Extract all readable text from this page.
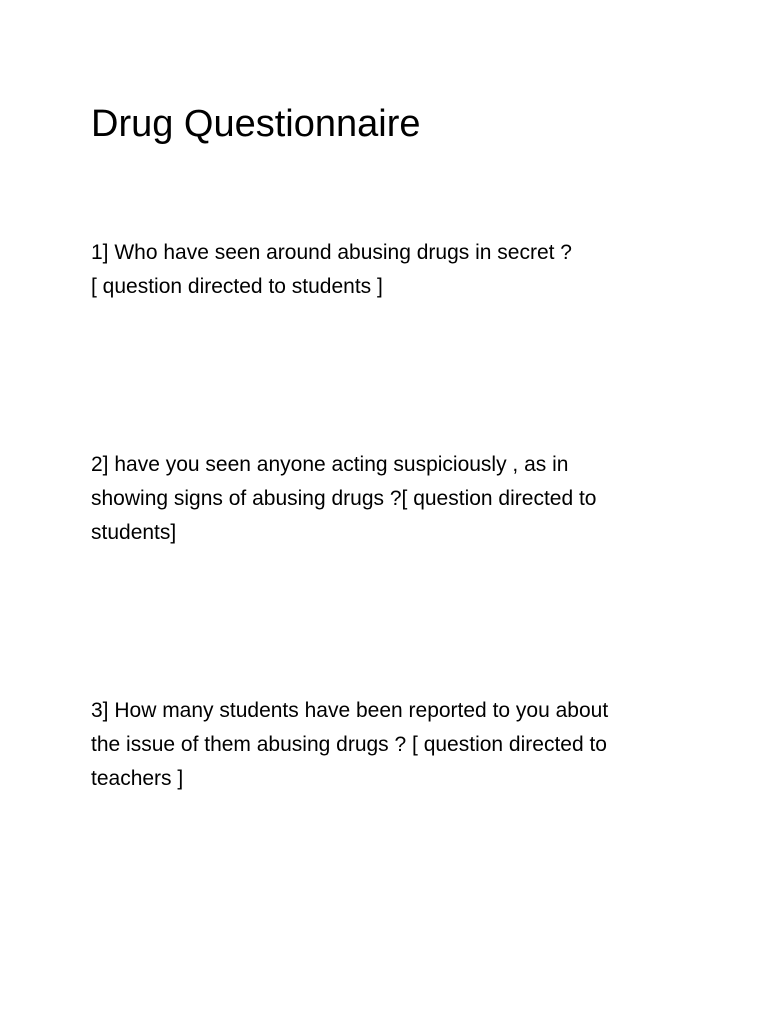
Drug Questionnaire
1] Who have seen around abusing drugs in secret ?
[ question directed to students ]
2] have you seen anyone acting suspiciously , as in
showing signs of abusing drugs ?[ question directed to
students]
3] How many students have been reported to you about
the issue of them abusing drugs ? [ question directed to
teachers ]
